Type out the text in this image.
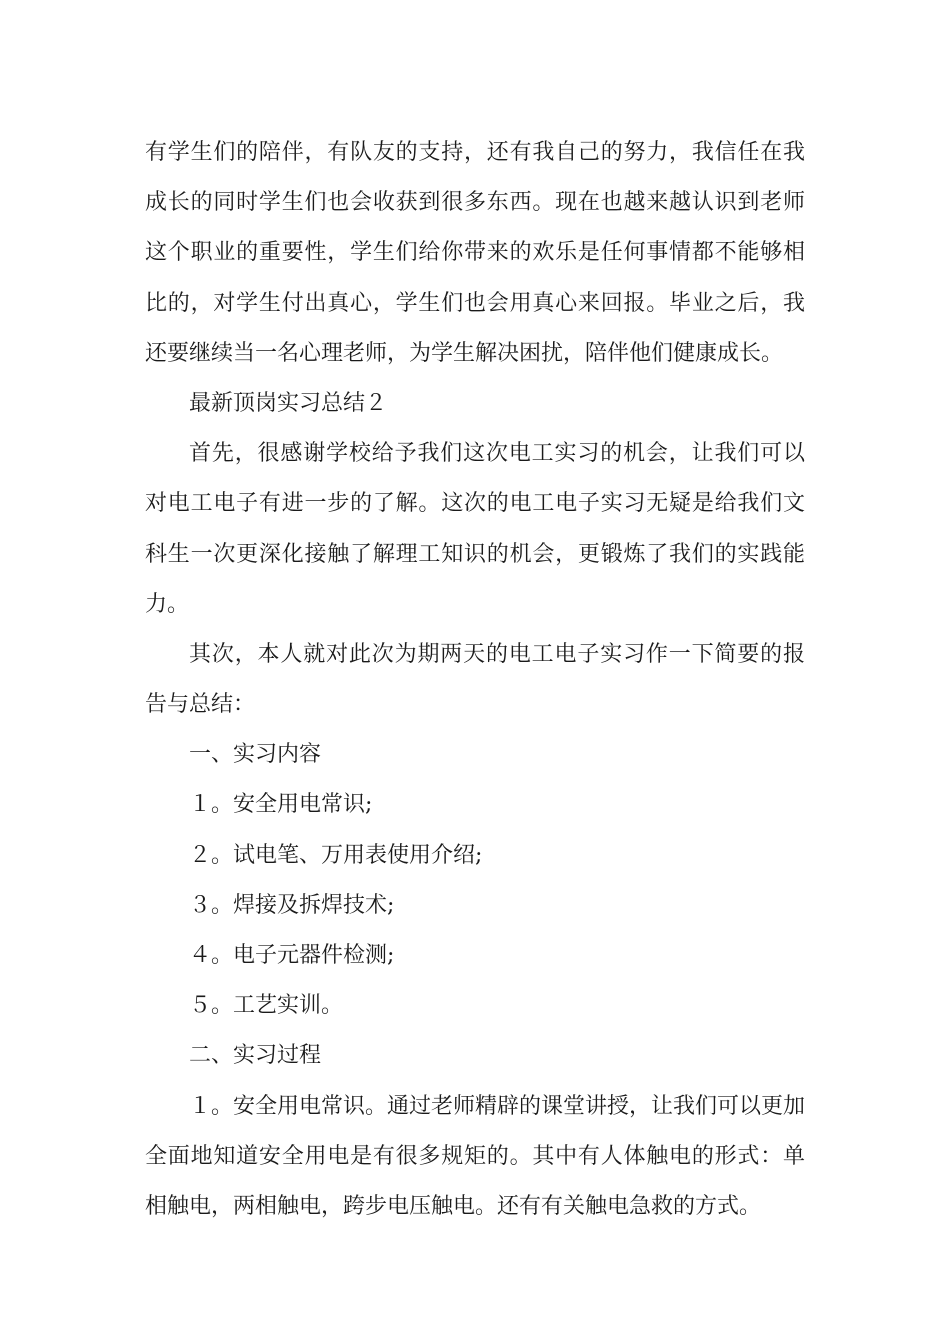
有学生们的陪伴，有队友的支持，还有我自己的努力，我信任在我
成长的同时学生们也会收获到很多东西。现在也越来越认识到老师
这个职业的重要性，学生们给你带来的欢乐是任何事情都不能够相
比的，对学生付出真心，学生们也会用真心来回报。毕业之后，我
还要继续当一名心理老师，为学生解决困扰，陪伴他们健康成长。
最新顶岗实习总结２
首先，很感谢学校给予我们这次电工实习的机会，让我们可以
对电工电子有进一步的了解。这次的电工电子实习无疑是给我们文
科生一次更深化接触了解理工知识的机会，更锻炼了我们的实践能
力。
其次，本人就对此次为期两天的电工电子实习作一下简要的报
告与总结：
一、实习内容
１。安全用电常识;
２。试电笔、万用表使用介绍;
３。焊接及拆焊技术;
４。电子元器件检测;
５。工艺实训。
二、实习过程
１。安全用电常识。通过老师精辟的课堂讲授，让我们可以更加
全面地知道安全用电是有很多规矩的。其中有人体触电的形式：单
相触电，两相触电，跨步电压触电。还有有关触电急救的方式。
